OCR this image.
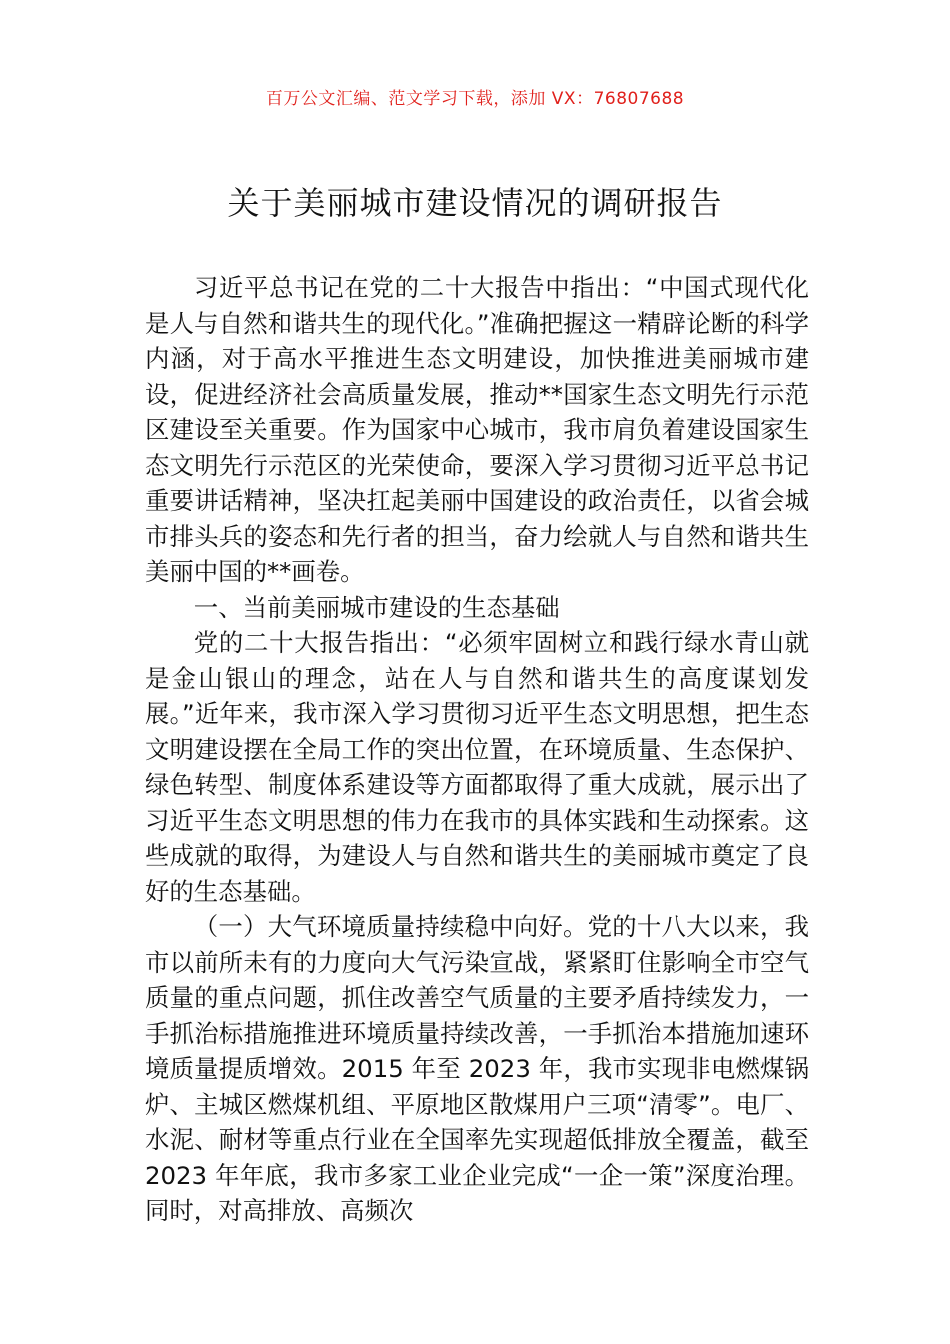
百万公文汇编、范文学习下载，添加 VX：76807688
关于美丽城市建设情况的调研报告

习近平总书记在党的二十大报告中指出：“中国式现代化是人与自然和谐共生的现代化。”准确把握这一精辟论断的科学内涵，对于高水平推进生态文明建设，加快推进美丽城市建设，促进经济社会高质量发展，推动**国家生态文明先行示范区建设至关重要。作为国家中心城市，我市肩负着建设国家生态文明先行示范区的光荣使命，要深入学习贯彻习近平总书记重要讲话精神，坚决扛起美丽中国建设的政治责任，以省会城市排头兵的姿态和先行者的担当，奋力绘就人与自然和谐共生美丽中国的**画卷。

一、当前美丽城市建设的生态基础

党的二十大报告指出：“必须牢固树立和践行绿水青山就是金山银山的理念，站在人与自然和谐共生的高度谋划发展。”近年来，我市深入学习贯彻习近平生态文明思想，把生态文明建设摆在全局工作的突出位置，在环境质量、生态保护、绿色转型、制度体系建设等方面都取得了重大成就，展示出了习近平生态文明思想的伟力在我市的具体实践和生动探索。这些成就的取得，为建设人与自然和谐共生的美丽城市奠定了良好的生态基础。

（一）大气环境质量持续稳中向好。党的十八大以来，我市以前所未有的力度向大气污染宣战，紧紧盯住影响全市空气质量的重点问题，抓住改善空气质量的主要矛盾持续发力，一手抓治标措施推进环境质量持续改善，一手抓治本措施加速环境质量提质增效。2015 年至 2023 年，我市实现非电燃煤锅炉、主城区燃煤机组、平原地区散煤用户三项“清零”。电厂、水泥、耐材等重点行业在全国率先实现超低排放全覆盖，截至 2023 年年底，我市多家工业企业完成“一企一策”深度治理。同时，对高排放、高频次
